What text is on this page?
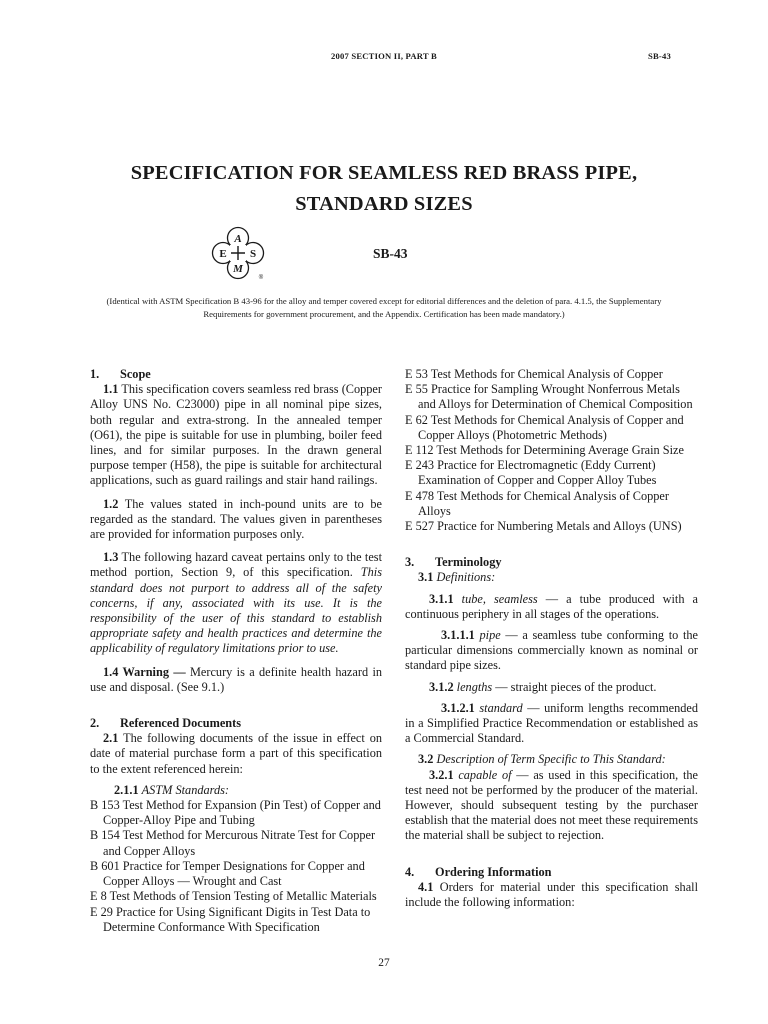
2007 SECTION II, PART B	SB-43
SPECIFICATION FOR SEAMLESS RED BRASS PIPE,
STANDARD SIZES
A
E S
M
®
SB-43
(Identical with ASTM Specification B 43-96 for the alloy and temper covered except for editorial differences and the deletion of para. 4.1.5, the Supplementary Requirements for government procurement, and the Appendix. Certification has been made mandatory.)

1. Scope

1.1 This specification covers seamless red brass (Copper Alloy UNS No. C23000) pipe in all nominal pipe sizes, both regular and extra-strong. In the annealed temper (O61), the pipe is suitable for use in plumbing, boiler feed lines, and for similar purposes. In the drawn general purpose temper (H58), the pipe is suitable for architectural applications, such as guard railings and stair hand railings.

1.2 The values stated in inch-pound units are to be regarded as the standard. The values given in parentheses are provided for information purposes only.

1.3 The following hazard caveat pertains only to the test method portion, Section 9, of this specification. This standard does not purport to address all of the safety concerns, if any, associated with its use. It is the responsibility of the user of this standard to establish appropriate safety and health practices and determine the applicability of regulatory limitations prior to use.

1.4 Warning — Mercury is a definite health hazard in use and disposal. (See 9.1.)

2. Referenced Documents

2.1 The following documents of the issue in effect on date of material purchase form a part of this specification to the extent referenced herein:

2.1.1 ASTM Standards:

B 153 Test Method for Expansion (Pin Test) of Copper and Copper-Alloy Pipe and Tubing

B 154 Test Method for Mercurous Nitrate Test for Copper and Copper Alloys

B 601 Practice for Temper Designations for Copper and Copper Alloys — Wrought and Cast

E 8 Test Methods of Tension Testing of Metallic Materials

E 29 Practice for Using Significant Digits in Test Data to Determine Conformance With Specification

E 53 Test Methods for Chemical Analysis of Copper

E 55 Practice for Sampling Wrought Nonferrous Metals and Alloys for Determination of Chemical Composition

E 62 Test Methods for Chemical Analysis of Copper and Copper Alloys (Photometric Methods)

E 112 Test Methods for Determining Average Grain Size

E 243 Practice for Electromagnetic (Eddy Current) Examination of Copper and Copper Alloy Tubes

E 478 Test Methods for Chemical Analysis of Copper Alloys

E 527 Practice for Numbering Metals and Alloys (UNS)

3. Terminology

3.1 Definitions:

3.1.1 tube, seamless — a tube produced with a continuous periphery in all stages of the operations.

3.1.1.1 pipe — a seamless tube conforming to the particular dimensions commercially known as nominal or standard pipe sizes.

3.1.2 lengths — straight pieces of the product.

3.1.2.1 standard — uniform lengths recommended in a Simplified Practice Recommendation or established as a Commercial Standard.

3.2 Description of Term Specific to This Standard:

3.2.1 capable of — as used in this specification, the test need not be performed by the producer of the material. However, should subsequent testing by the purchaser establish that the material does not meet these requirements the material shall be subject to rejection.

4. Ordering Information

4.1 Orders for material under this specification shall include the following information:

27
